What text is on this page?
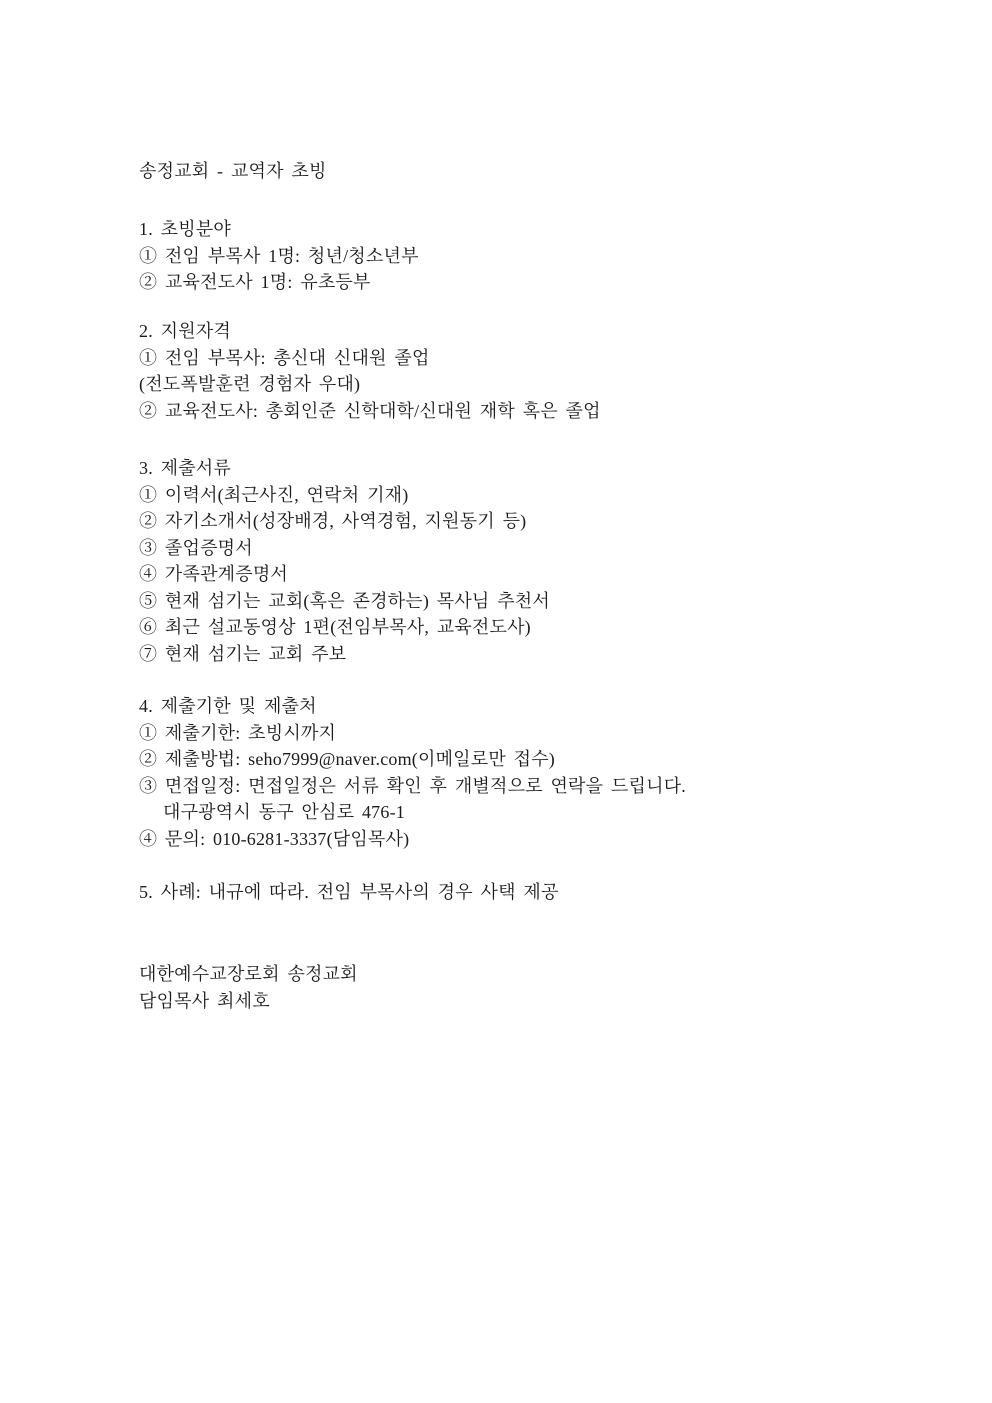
송정교회 - 교역자 초빙
1. 초빙분야
① 전임 부목사 1명: 청년/청소년부
② 교육전도사 1명: 유초등부
2. 지원자격
① 전임 부목사: 총신대 신대원 졸업
(전도폭발훈련 경험자 우대)
② 교육전도사: 총회인준 신학대학/신대원 재학 혹은 졸업
3. 제출서류
① 이력서(최근사진, 연락처 기재)
② 자기소개서(성장배경, 사역경험, 지원동기 등)
③ 졸업증명서
④ 가족관계증명서
⑤ 현재 섬기는 교회(혹은 존경하는) 목사님 추천서
⑥ 최근 설교동영상 1편(전임부목사, 교육전도사)
⑦ 현재 섬기는 교회 주보
4. 제출기한 및 제출처
① 제출기한: 초빙시까지
② 제출방법: seho7999@naver.com(이메일로만 접수)
③ 면접일정: 면접일정은 서류 확인 후 개별적으로 연락을 드립니다.
대구광역시 동구 안심로 476-1
④ 문의: 010-6281-3337(담임목사)
5. 사례: 내규에 따라. 전임 부목사의 경우 사택 제공
대한예수교장로회 송정교회
담임목사 최세호
